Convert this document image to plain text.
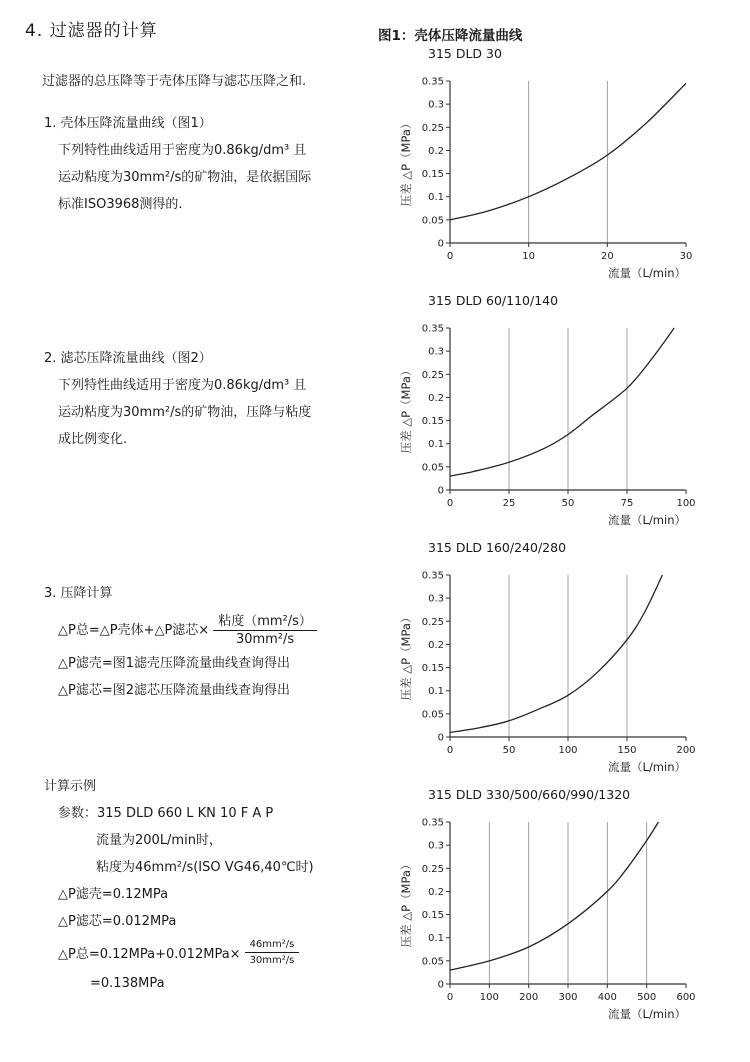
4. 过滤器的计算
过滤器的总压降等于壳体压降与滤芯压降之和.
1. 壳体压降流量曲线（图1）
下列特性曲线适用于密度为0.86kg/dm³ 且
运动粘度为30mm²/s的矿物油，是依据国际
标准ISO3968测得的.
2. 滤芯压降流量曲线（图2）
下列特性曲线适用于密度为0.86kg/dm³ 且
运动粘度为30mm²/s的矿物油，压降与粘度
成比例变化.
3. 压降计算
△P总=△P壳体+△P滤芯× $\frac{\text{粘度（mm²/s）}}{\text{30mm²/s}}$
△P滤壳=图1滤壳压降流量曲线查询得出
△P滤芯=图2滤芯压降流量曲线查询得出
计算示例
参数：315 DLD 660 L KN 10 F A P
流量为200L/min时，
粘度为46mm²/s(ISO VG46,40℃时)
△P滤壳=0.12MPa
△P滤芯=0.012MPa
△P总$=0.12MPa+0.012MPa\times \frac{\text{46mm²/s}}{\text{30mm²/s}}$
=0.138MPa
图1：壳体压降流量曲线
315 DLD 30
0
0.05
0.1
0.15
0.2
0.25
0.3
0.35
0	10	20	30
流量（L/min）
压差 △P（MPa）
315 DLD 60/110/140
0
0.05
0.1
0.15
0.2
0.25
0.3
0.35
0	25	50	75	100
流量（L/min）
压差 △P（MPa）
315 DLD 160/240/280
0
0.05
0.1
0.15
0.2
0.25
0.3
0.35
0	50	100	150	200
流量（L/min）
压差 △P（MPa）
315 DLD 330/500/660/990/1320
0
0.05
0.1
0.15
0.2
0.25
0.3
0.35
0	100 200 300 400 500 600
流量（L/min）
压差 △P（MPa）
